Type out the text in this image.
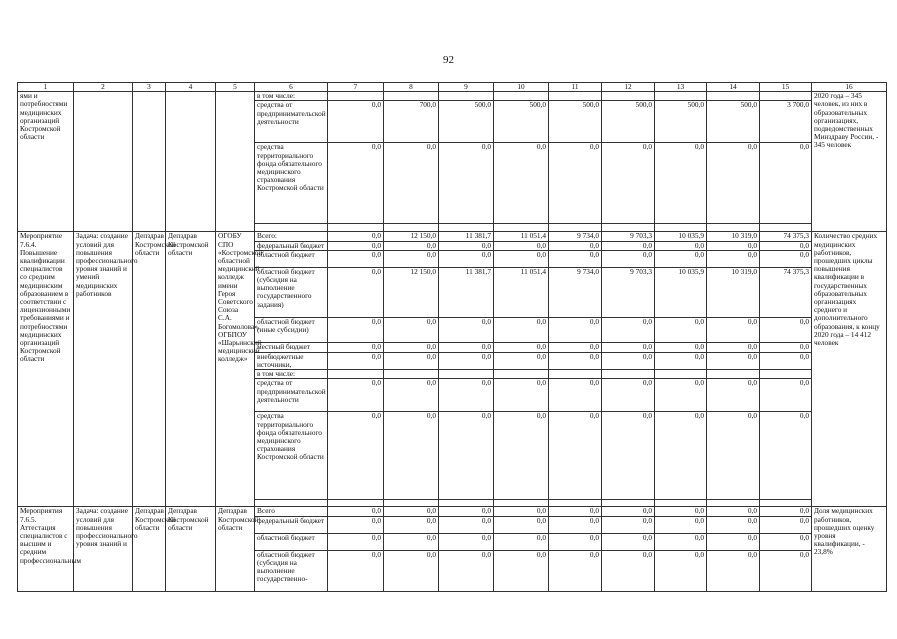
92
1	2	3	4	5	6	7	8	9	10	11	12	13	14	15	16
ями и потребностями медицинских организаций Костромской области					в том числе:										2020 года – 345 человек, из них в образовательных организациях, подведомственных Минздраву России, - 345 человек
					средства от предпринимательской деятельности	0,0	700,0	500,0	500,0	500,0	500,0	500,0	500,0	3 700,0	
					средства территориального фонда обязательного медицинского страхования Костромской области	0,0	0,0	0,0	0,0	0,0	0,0	0,0	0,0	0,0	

Мероприятие 7.6.4. Повышение квалификации специалистов со средним медицинским образованием в соответствии с лицензионными требованиями и потребностями медицинских организаций Костромской области	Задача: создание условий для повышения профессионального уровня знаний и умений медицинских работников	Депздрав Костромской области	Депздрав Костромской области	ОГОБУ СПО «Костромской областной медицинский колледж имени Героя Советского Союза С.А. Богомолова», ОГБПОУ «Шарьинский медицинский колледж»	Всего:	0,0	12 150,0	11 381,7	11 051,4	9 734,0	9 703,3	10 035,9	10 319,0	74 375,3	Количество средних медицинских работников, прошедших циклы повышения квалификации в государственных образовательных организациях среднего и дополнительного образования, к концу 2020 года – 14 412 человек
					федеральный бюджет	0,0	0,0	0,0	0,0	0,0	0,0	0,0	0,0	0,0	
					областной бюджет	0,0	0,0	0,0	0,0	0,0	0,0	0,0	0,0	0,0	
					областной бюджет (субсидия на выполнение государственного задания)	0,0	12 150,0	11 381,7	11 051,4	9 734,0	9 703,3	10 035,9	10 319,0	74 375,3	
					областной бюджет (иные субсидии)	0,0	0,0	0,0	0,0	0,0	0,0	0,0	0,0	0,0	
					местный бюджет	0,0	0,0	0,0	0,0	0,0	0,0	0,0	0,0	0,0	
					внебюджетные источники,	0,0	0,0	0,0	0,0	0,0	0,0	0,0	0,0	0,0	
					в том числе:										
					средства от предпринимательской деятельности	0,0	0,0	0,0	0,0	0,0	0,0	0,0	0,0	0,0	
					средства территориального фонда обязательного медицинского страхования Костромской области	0,0	0,0	0,0	0,0	0,0	0,0	0,0	0,0	0,0	

Мероприятия 7.6.5. Аттестация специалистов с высшим и средним профессиональным	Задача: создание условий для повышения профессионального уровня знаний и	Депздрав Костромской области	Депздрав Костромской области	Депздрав Костромской области	Всего	0,0	0,0	0,0	0,0	0,0	0,0	0,0	0,0	0,0	Доля медицинских работников, прошедших оценку уровня квалификации, - 23,8%
					федеральный бюджет	0,0	0,0	0,0	0,0	0,0	0,0	0,0	0,0	0,0	
					областной бюджет	0,0	0,0	0,0	0,0	0,0	0,0	0,0	0,0	0,0	
					областной бюджет (субсидия на выполнение государственно-	0,0	0,0	0,0	0,0	0,0	0,0	0,0	0,0	0,0	
